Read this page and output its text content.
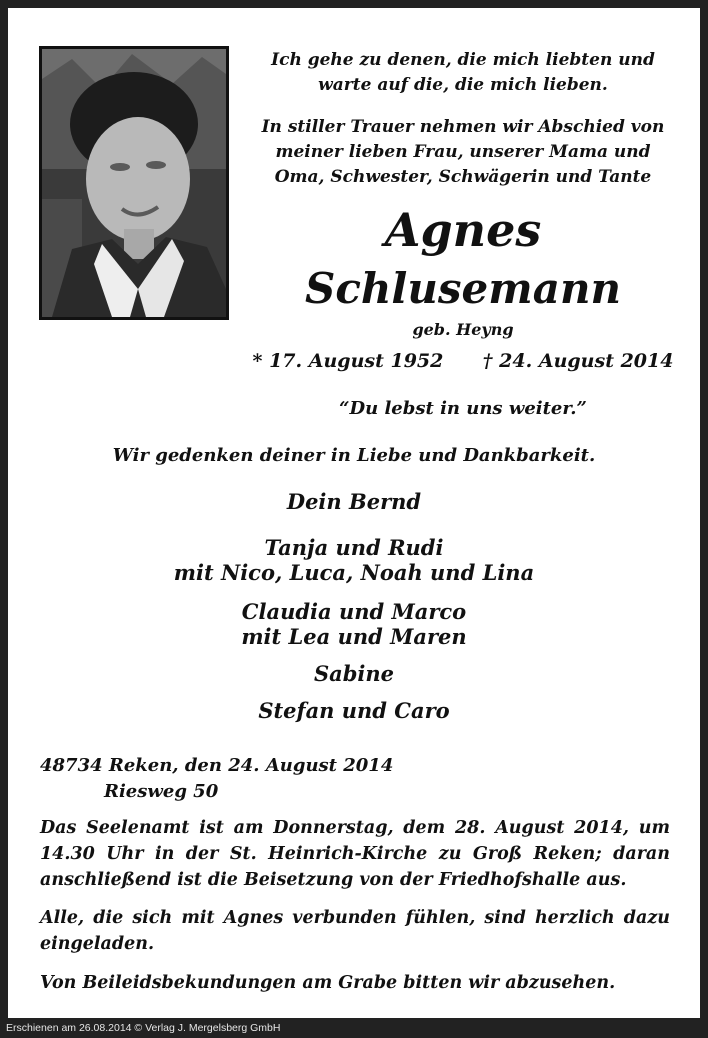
Ich gehe zu denen, die mich liebten und
warte auf die, die mich lieben.
In stiller Trauer nehmen wir Abschied von
meiner lieben Frau, unserer Mama und
Oma, Schwester, Schwägerin und Tante
Agnes
Schlusemann
geb. Heyng
* 17. August 1952 † 24. August 2014
“Du lebst in uns weiter.”
Wir gedenken deiner in Liebe und Dankbarkeit.
Dein Bernd
Tanja und Rudi
mit Nico, Luca, Noah und Lina
Claudia und Marco
mit Lea und Maren
Sabine
Stefan und Caro
48734 Reken, den 24. August 2014
Riesweg 50
Das Seelenamt ist am Donnerstag, dem 28. August 2014, um 14.30 Uhr in der St. Heinrich-Kirche zu Groß Reken; daran anschließend ist die Beisetzung von der Friedhofshalle aus.
Alle, die sich mit Agnes verbunden fühlen, sind herzlich dazu eingeladen.
Von Beileidsbekundungen am Grabe bitten wir abzusehen.
Erschienen am 26.08.2014 © Verlag J. Mergelsberg GmbH
